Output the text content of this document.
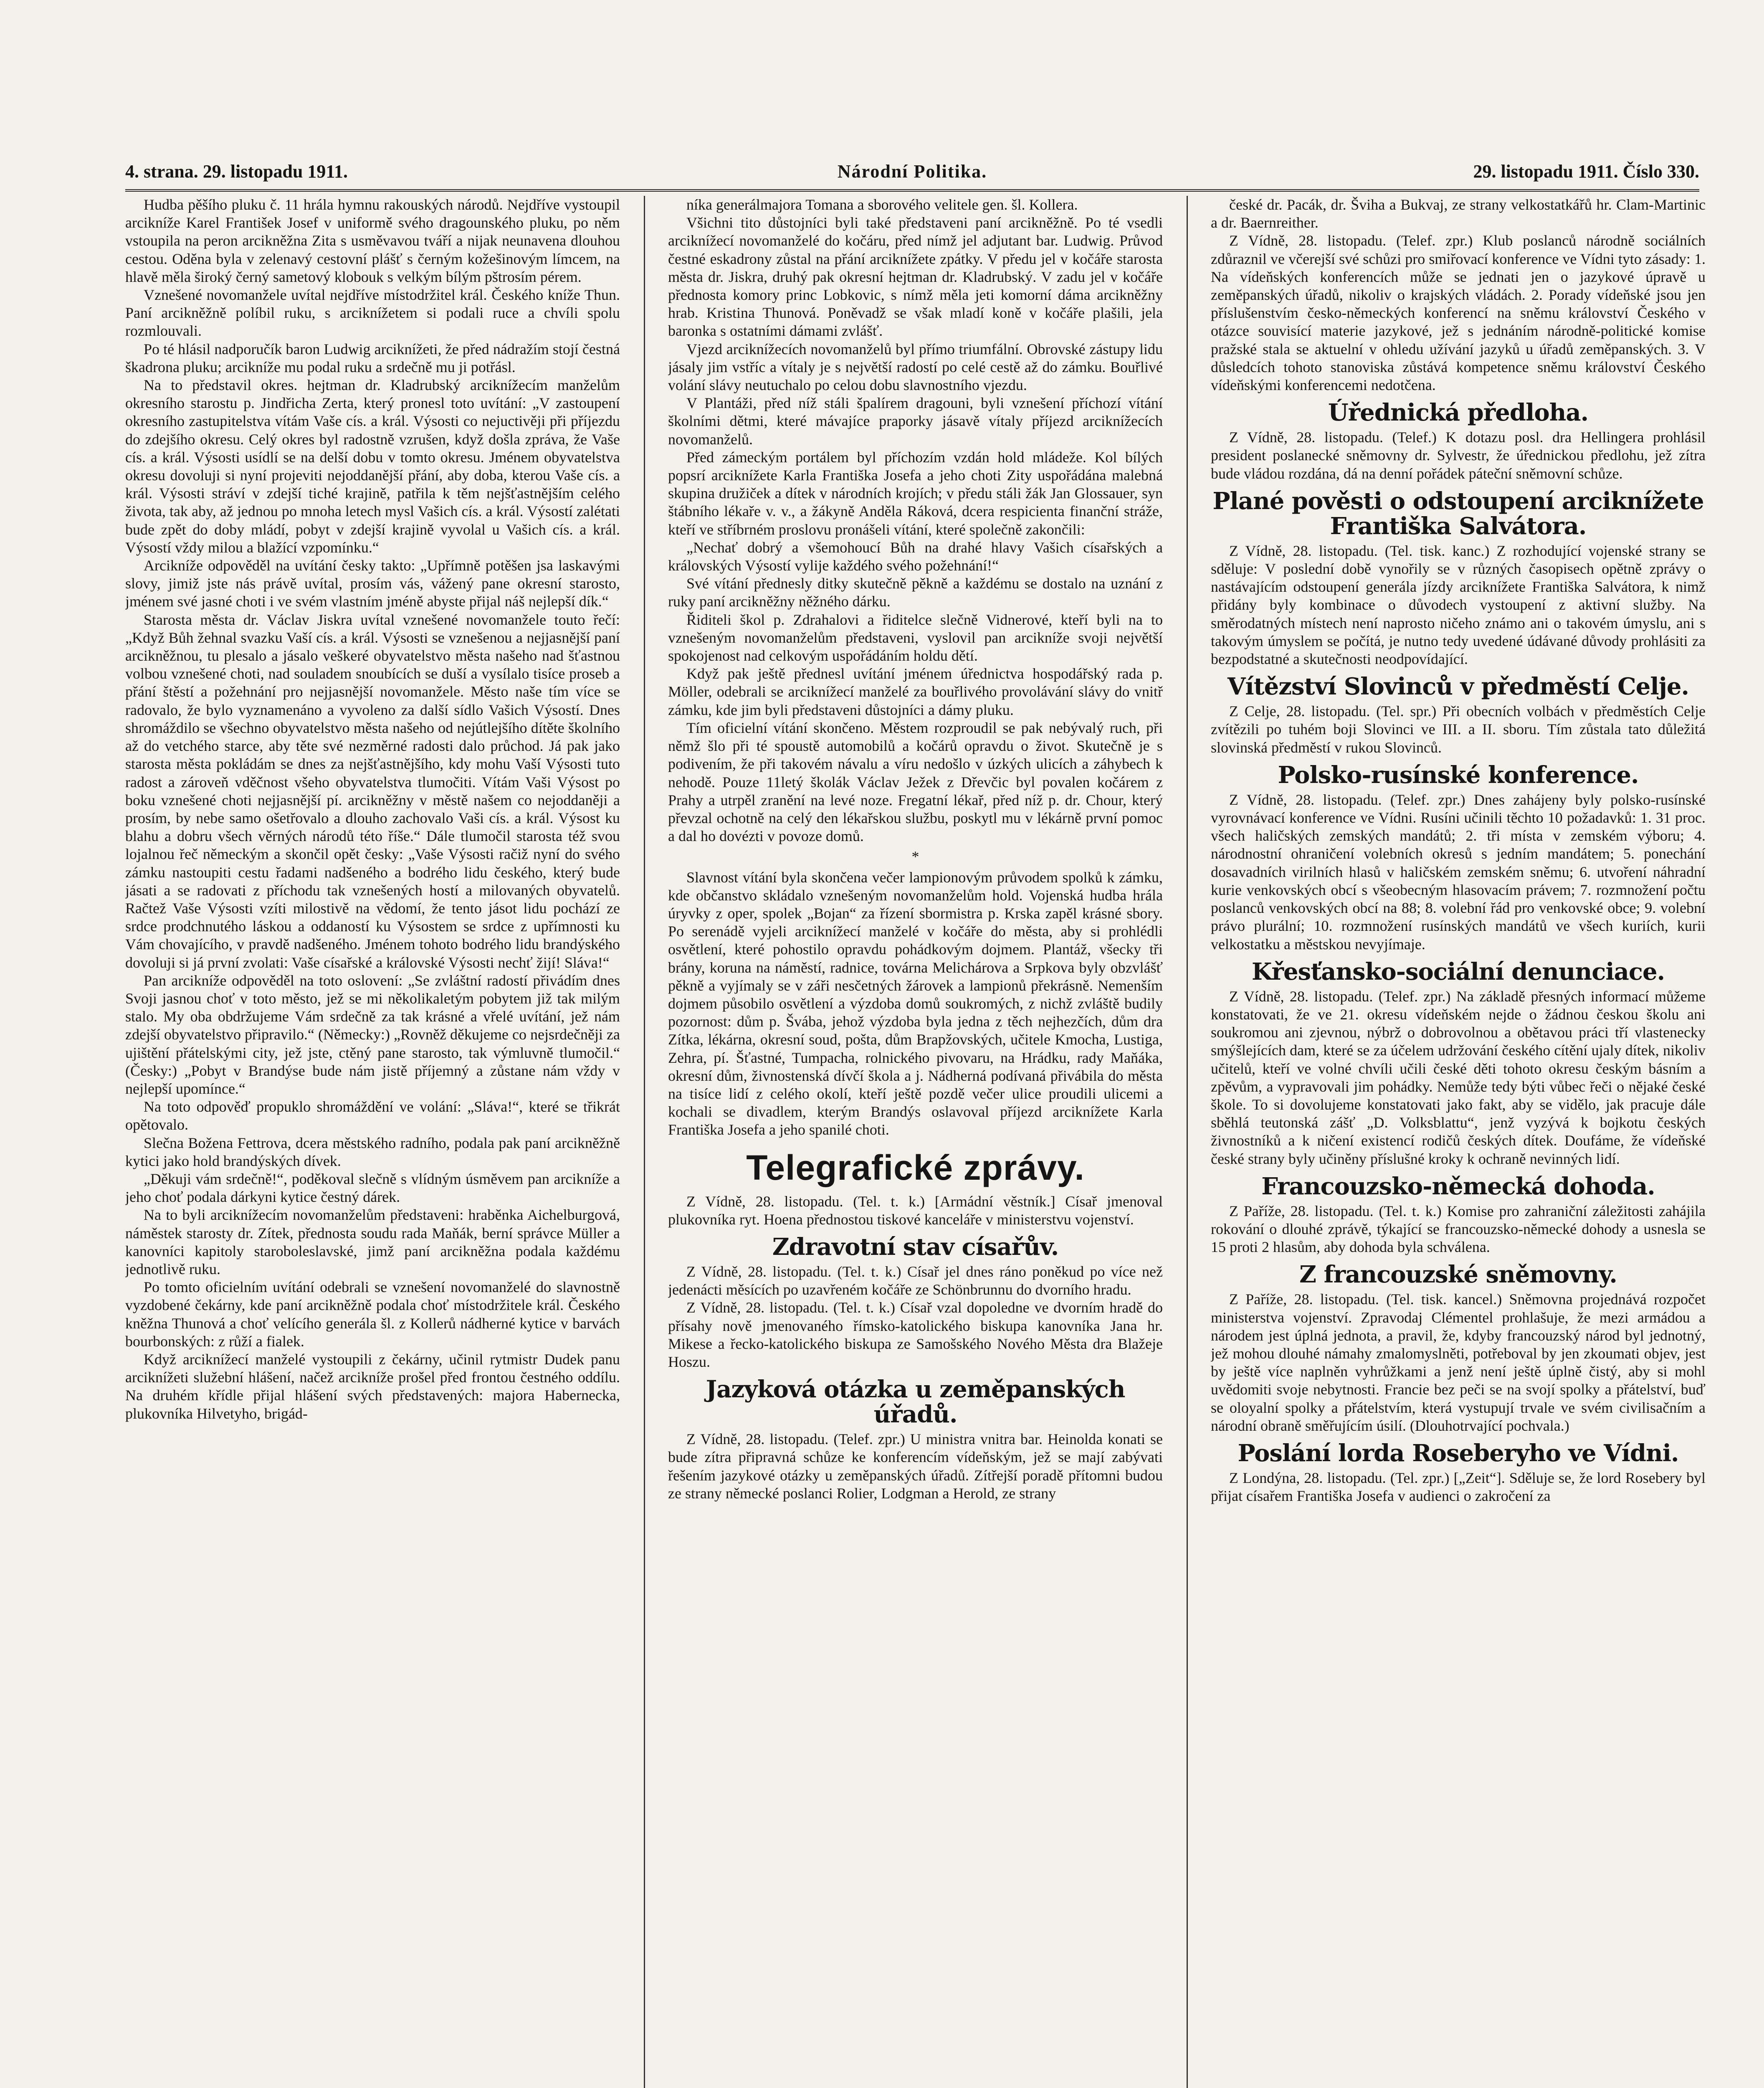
4. strana. 29. listopadu 1911.	Národní Politika.	29. listopadu 1911. Číslo 330.

Hudba pěšího pluku č. 11 hrála hymnu rakouských národů. Nejdříve vystoupil arcikníže Karel František Josef v uniformě svého dragounského pluku, po něm vstoupila na peron arcikněžna Zita s usměvavou tváří a nijak neunavena dlouhou cestou. Oděna byla v zelenavý cestovní plášť s černým kožešinovým límcem, na hlavě měla široký černý sametový klobouk s velkým bílým pštrosím pérem.

Vznešené novomanžele uvítal nejdříve místodržitel král. Českého kníže Thun. Paní arcikněžně políbil ruku, s arciknížetem si podali ruce a chvíli spolu rozmlouvali.

Po té hlásil nadporučík baron Ludwig arciknížeti, že před nádražím stojí čestná škadrona pluku; arcikníže mu podal ruku a srdečně mu ji potřásl.

Na to představil okres. hejtman dr. Kladrubský arciknížecím manželům okresního starostu p. Jindřicha Zerta, který pronesl toto uvítání: „V zastoupení okresního zastupitelstva vítám Vaše cís. a král. Výsosti co nejuctivěji při příjezdu do zdejšího okresu. Celý okres byl radostně vzrušen, když došla zpráva, že Vaše cís. a král. Výsosti usídlí se na delší dobu v tomto okresu. Jménem obyvatelstva okresu dovoluji si nyní projeviti nejoddanější přání, aby doba, kterou Vaše cís. a král. Výsosti stráví v zdejší tiché krajině, patřila k těm nejšťastnějším celého života, tak aby, až jednou po mnoha letech mysl Vašich cís. a král. Výsostí zalétati bude zpět do doby mládí, pobyt v zdejší krajině vyvolal u Vašich cís. a král. Výsostí vždy milou a blažící vzpomínku.“

Arcikníže odpověděl na uvítání česky takto: „Upřímně potěšen jsa laskavými slovy, jimiž jste nás právě uvítal, prosím vás, vážený pane okresní starosto, jménem své jasné choti i ve svém vlastním jméně abyste přijal náš nejlepší dík.“

Starosta města dr. Václav Jiskra uvítal vznešené novomanžele touto řečí: „Když Bůh žehnal svazku Vaší cís. a král. Výsosti se vznešenou a nejjasnější paní arcikněžnou, tu plesalo a jásalo veškeré obyvatelstvo města našeho nad šťastnou volbou vznešené choti, nad souladem snoubících se duší a vysílalo tisíce proseb a přání štěstí a požehnání pro nejjasnější novomanžele. Město naše tím více se radovalo, že bylo vyznamenáno a vyvoleno za další sídlo Vašich Výsostí. Dnes shromáždilo se všechno obyvatelstvo města našeho od nejútlejšího dítěte školního až do vetchého starce, aby těte své nezměrné radosti dalo průchod. Já pak jako starosta města pokládám se dnes za nejšťastnějšího, kdy mohu Vaší Výsosti tuto radost a zároveň vděčnost všeho obyvatelstva tlumočiti. Vítám Vaši Výsost po boku vznešené choti nejjasnější pí. arcikněžny v městě našem co nejoddaněji a prosím, by nebe samo ošetřovalo a dlouho zachovalo Vaši cís. a král. Výsost ku blahu a dobru všech věrných národů této říše.“ Dále tlumočil starosta též svou lojalnou řeč německým a skončil opět česky: „Vaše Výsosti račiž nyní do svého zámku nastoupiti cestu řadami nadšeného a bodrého lidu českého, který bude jásati a se radovati z příchodu tak vznešených hostí a milovaných obyvatelů. Račtež Vaše Výsosti vzíti milostivě na vědomí, že tento jásot lidu pochází ze srdce prodchnutého láskou a oddaností ku Výsostem se srdce z upřímnosti ku Vám chovajícího, v pravdě nadšeného. Jménem tohoto bodrého lidu brandýského dovoluji si já první zvolati: Vaše císařské a královské Výsosti nechť žijí! Sláva!“

Pan arcikníže odpověděl na toto oslovení: „Se zvláštní radostí přivádím dnes Svoji jasnou choť v toto město, jež se mi několikaletým pobytem již tak milým stalo. My oba obdržujeme Vám srdečně za tak krásné a vřelé uvítání, jež nám zdejší obyvatelstvo připravilo.“ (Německy:) „Rovněž děkujeme co nejsrdečněji za ujištění přátelskými city, jež jste, ctěný pane starosto, tak výmluvně tlumočil.“ (Česky:) „Pobyt v Brandýse bude nám jistě příjemný a zůstane nám vždy v nejlepší upomínce.“

Na toto odpověď propuklo shromáždění ve volání: „Sláva!“, které se třikrát opětovalo.

Slečna Božena Fettrova, dcera městského radního, podala pak paní arcikněžně kytici jako hold brandýských dívek.

„Děkuji vám srdečně!“, poděkoval slečně s vlídným úsměvem pan arcikníže a jeho choť podala dárkyni kytice čestný dárek.

Na to byli arciknížecím novomanželům představeni: hraběnka Aichelburgová, náměstek starosty dr. Zítek, přednosta soudu rada Maňák, berní správce Müller a kanovníci kapitoly staroboleslavské, jimž paní arcikněžna podala každému jednotlivě ruku.

Po tomto oficielním uvítání odebrali se vznešení novomanželé do slavnostně vyzdobené čekárny, kde paní arcikněžně podala choť místodržitele král. Českého kněžna Thunová a choť velícího generála šl. z Kollerů nádherné kytice v barvách bourbonských: z růží a fialek.

Když arciknížecí manželé vystoupili z čekárny, učinil rytmistr Dudek panu arciknížeti služební hlášení, načež arcikníže prošel před frontou čestného oddílu. Na druhém křídle přijal hlášení svých představených: majora Habernecka, plukovníka Hilvetyho, brigád-

níka generálmajora Tomana a sborového velitele gen. šl. Kollera.

Všichni tito důstojníci byli také představeni paní arcikněžně. Po té vsedli arciknížecí novomanželé do kočáru, před nímž jel adjutant bar. Ludwig. Průvod čestné eskadrony zůstal na přání arciknížete zpátky. V předu jel v kočáře starosta města dr. Jiskra, druhý pak okresní hejtman dr. Kladrubský. V zadu jel v kočáře přednosta komory princ Lobkovic, s nímž měla jeti komorní dáma arcikněžny hrab. Kristina Thunová. Poněvadž se však mladí koně v kočáře plašili, jela baronka s ostatními dámami zvlášť.

Vjezd arciknížecích novomanželů byl přímo triumfální. Obrovské zástupy lidu jásaly jim vstříc a vítaly je s největší radostí po celé cestě až do zámku. Bouřlivé volání slávy neutuchalo po celou dobu slavnostního vjezdu.

V Plantáži, před níž stáli špalírem dragouni, byli vznešení příchozí vítání školními dětmi, které mávajíce praporky jásavě vítaly příjezd arciknížecích novomanželů.

Před zámeckým portálem byl příchozím vzdán hold mládeže. Kol bílých popsrí arciknížete Karla Františka Josefa a jeho choti Zity uspořádána malebná skupina družiček a dítek v národních krojích; v předu stáli žák Jan Glossauer, syn štábního lékaře v. v., a žákyně Anděla Ráková, dcera respicienta finanční stráže, kteří ve stříbrném proslovu pronášeli vítání, které společně zakončili:

„Nechať dobrý a všemohoucí Bůh na drahé hlavy Vašich císařských a královských Výsostí vylije každého svého požehnání!“

Své vítání přednesly ditky skutečně pěkně a každému se dostalo na uznání z ruky paní arcikněžny něžného dárku.

Řiditeli škol p. Zdrahalovi a řiditelce slečně Vidnerové, kteří byli na to vznešeným novomanželům představeni, vyslovil pan arcikníže svoji největší spokojenost nad celkovým uspořádáním holdu dětí.

Když pak ještě přednesl uvítání jménem úřednictva hospodářský rada p. Möller, odebrali se arciknížecí manželé za bouřlivého provolávání slávy do vnitř zámku, kde jim byli představeni důstojníci a dámy pluku.

Tím oficielní vítání skončeno. Městem rozproudil se pak nebývalý ruch, při němž šlo při té spoustě automobilů a kočárů opravdu o život. Skutečně je s podivením, že při takovém návalu a víru nedošlo v úzkých ulicích a záhybech k nehodě. Pouze 11letý školák Václav Ježek z Dřevčic byl povalen kočárem z Prahy a utrpěl zranění na levé noze. Fregatní lékař, před níž p. dr. Chour, který převzal ochotně na celý den lékařskou službu, poskytl mu v lékárně první pomoc a dal ho dovézti v povoze domů.

*

Slavnost vítání byla skončena večer lampionovým průvodem spolků k zámku, kde občanstvo skládalo vznešeným novomanželům hold. Vojenská hudba hrála úryvky z oper, spolek „Bojan“ za řízení sbormistra p. Krska zapěl krásné sbory. Po serenádě vyjeli arciknížecí manželé v kočáře do města, aby si prohlédli osvětlení, které pohostilo opravdu pohádkovým dojmem. Plantáž, všecky tři brány, koruna na náměstí, radnice, továrna Melichárova a Srpkova byly obzvlášť pěkně a vyjímaly se v záři nesčetných žárovek a lampionů překrásně. Nemenším dojmem působilo osvětlení a výzdoba domů soukromých, z nichž zvláště budily pozornost: dům p. Švába, jehož výzdoba byla jedna z těch nejhezčích, dům dra Zítka, lékárna, okresní soud, pošta, dům Brapžovských, učitele Kmocha, Lustiga, Zehra, pí. Šťastné, Tumpacha, rolnického pivovaru, na Hrádku, rady Maňáka, okresní dům, živnostenská dívčí škola a j. Nádherná podívaná přivábila do města na tisíce lidí z celého okolí, kteří ještě pozdě večer ulice proudili ulicemi a kochali se divadlem, kterým Brandýs oslavoval příjezd arciknížete Karla Františka Josefa a jeho spanilé choti.

Telegrafické zprávy.

Z Vídně, 28. listopadu. (Tel. t. k.) [Armádní věstník.] Císař jmenoval plukovníka ryt. Hoena přednostou tiskové kanceláře v ministerstvu vojenství.

Zdravotní stav císařův.

Z Vídně, 28. listopadu. (Tel. t. k.) Císař jel dnes ráno poněkud po více než jedenácti měsících po uzavřeném kočáře ze Schönbrunnu do dvorního hradu.

Z Vídně, 28. listopadu. (Tel. t. k.) Císař vzal dopoledne ve dvorním hradě do přísahy nově jmenovaného římsko-katolického biskupa kanovníka Jana hr. Mikese a řecko-katolického biskupa ze Samošského Nového Města dra Blažeje Hoszu.

Jazyková otázka u zeměpanských úřadů.

Z Vídně, 28. listopadu. (Telef. zpr.) U ministra vnitra bar. Heinolda konati se bude zítra připravná schůze ke konferencím vídeňským, jež se mají zabývati řešením jazykové otázky u zeměpanských úřadů. Zítřejší poradě přítomni budou ze strany německé poslanci Rolier, Lodgman a Herold, ze strany

české dr. Pacák, dr. Šviha a Bukvaj, ze strany velkostatkářů hr. Clam-Martinic a dr. Baernreither.

Z Vídně, 28. listopadu. (Telef. zpr.) Klub poslanců národně sociálních zdůraznil ve včerejší své schůzi pro smiřovací konference ve Vídni tyto zásady: 1. Na vídeňských konferencích může se jednati jen o jazykové úpravě u zeměpanských úřadů, nikoliv o krajských vládách. 2. Porady vídeňské jsou jen příslušenstvím česko-německých konferencí na sněmu království Českého v otázce souvisící materie jazykové, jež s jednáním národně-politické komise pražské stala se aktuelní v ohledu užívání jazyků u úřadů zeměpanských. 3. V důsledcích tohoto stanoviska zůstává kompetence sněmu království Českého vídeňskými konferencemi nedotčena.

Úřednická předloha.

Z Vídně, 28. listopadu. (Telef.) K dotazu posl. dra Hellingera prohlásil president poslanecké sněmovny dr. Sylvestr, že úřednickou předlohu, jež zítra bude vládou rozdána, dá na denní pořádek páteční sněmovní schůze.

Plané pověsti o odstoupení arciknížete Františka Salvátora.

Z Vídně, 28. listopadu. (Tel. tisk. kanc.) Z rozhodující vojenské strany se sděluje: V poslední době vynořily se v různých časopisech opětně zprávy o nastávajícím odstoupení generála jízdy arciknížete Františka Salvátora, k nimž přidány byly kombinace o důvodech vystoupení z aktivní služby. Na směrodatných místech není naprosto ničeho známo ani o takovém úmyslu, ani s takovým úmyslem se počítá, je nutno tedy uvedené údávané důvody prohlásiti za bezpodstatné a skutečnosti neodpovídající.

Vítězství Slovinců v předměstí Celje.

Z Celje, 28. listopadu. (Tel. spr.) Při obecních volbách v předměstích Celje zvítězili po tuhém boji Slovinci ve III. a II. sboru. Tím zůstala tato důležitá slovinská předměstí v rukou Slovinců.

Polsko-rusínské konference.

Z Vídně, 28. listopadu. (Telef. zpr.) Dnes zahájeny byly polsko-rusínské vyrovnávací konference ve Vídni. Rusíni učinili těchto 10 požadavků: 1. 31 proc. všech haličských zemských mandátů; 2. tři místa v zemském výboru; 4. národnostní ohraničení volebních okresů s jedním mandátem; 5. ponechání dosavadních virilních hlasů v haličském zemském sněmu; 6. utvoření náhradní kurie venkovských obcí s všeobecným hlasovacím právem; 7. rozmnožení počtu poslanců venkovských obcí na 88; 8. volební řád pro venkovské obce; 9. volební právo plurální; 10. rozmnožení rusínských mandátů ve všech kuriích, kurii velkostatku a městskou nevyjímaje.

Křesťansko-sociální denunciace.

Z Vídně, 28. listopadu. (Telef. zpr.) Na základě přesných informací můžeme konstatovati, že ve 21. okresu vídeňském nejde o žádnou českou školu ani soukromou ani zjevnou, nýbrž o dobrovolnou a obětavou práci tří vlastenecky smýšlejících dam, které se za účelem udržování českého cítění ujaly dítek, nikoliv učitelů, kteří ve volné chvíli učili české děti tohoto okresu českým básním a zpěvům, a vypravovali jim pohádky. Nemůže tedy býti vůbec řeči o nějaké české škole. To si dovolujeme konstatovati jako fakt, aby se vidělo, jak pracuje dále sběhlá teutonská zášť „D. Volksblattu“, jenž vyzývá k bojkotu českých živnostníků a k ničení existencí rodičů českých dítek. Doufáme, že vídeňské české strany byly učiněny příslušné kroky k ochraně nevinných lidí.

Francouzsko-německá dohoda.

Z Paříže, 28. listopadu. (Tel. t. k.) Komise pro zahraniční záležitosti zahájila rokování o dlouhé zprávě, týkající se francouzsko-německé dohody a usnesla se 15 proti 2 hlasům, aby dohoda byla schválena.

Z francouzské sněmovny.

Z Paříže, 28. listopadu. (Tel. tisk. kancel.) Sněmovna projednává rozpočet ministerstva vojenství. Zpravodaj Clémentel prohlašuje, že mezi armádou a národem jest úplná jednota, a pravil, že, kdyby francouzský národ byl jednotný, jež mohou dlouhé námahy zmalomyslněti, potřeboval by jen zkoumati objev, jest by ještě více naplněn vyhrůžkami a jenž není ještě úplně čistý, aby si mohl uvědomiti svoje nebytnosti. Francie bez peči se na svojí spolky a přátelství, buď se oloyalní spolky a přátelstvím, která vystupují trvale ve svém civilisačním a národní obraně směřujícím úsilí. (Dlouhotrvající pochvala.)

Poslání lorda Roseberyho ve Vídni.

Z Londýna, 28. listopadu. (Tel. zpr.) [„Zeit“]. Sděluje se, že lord Rosebery byl přijat císařem Františka Josefa v audienci o zakročení za
